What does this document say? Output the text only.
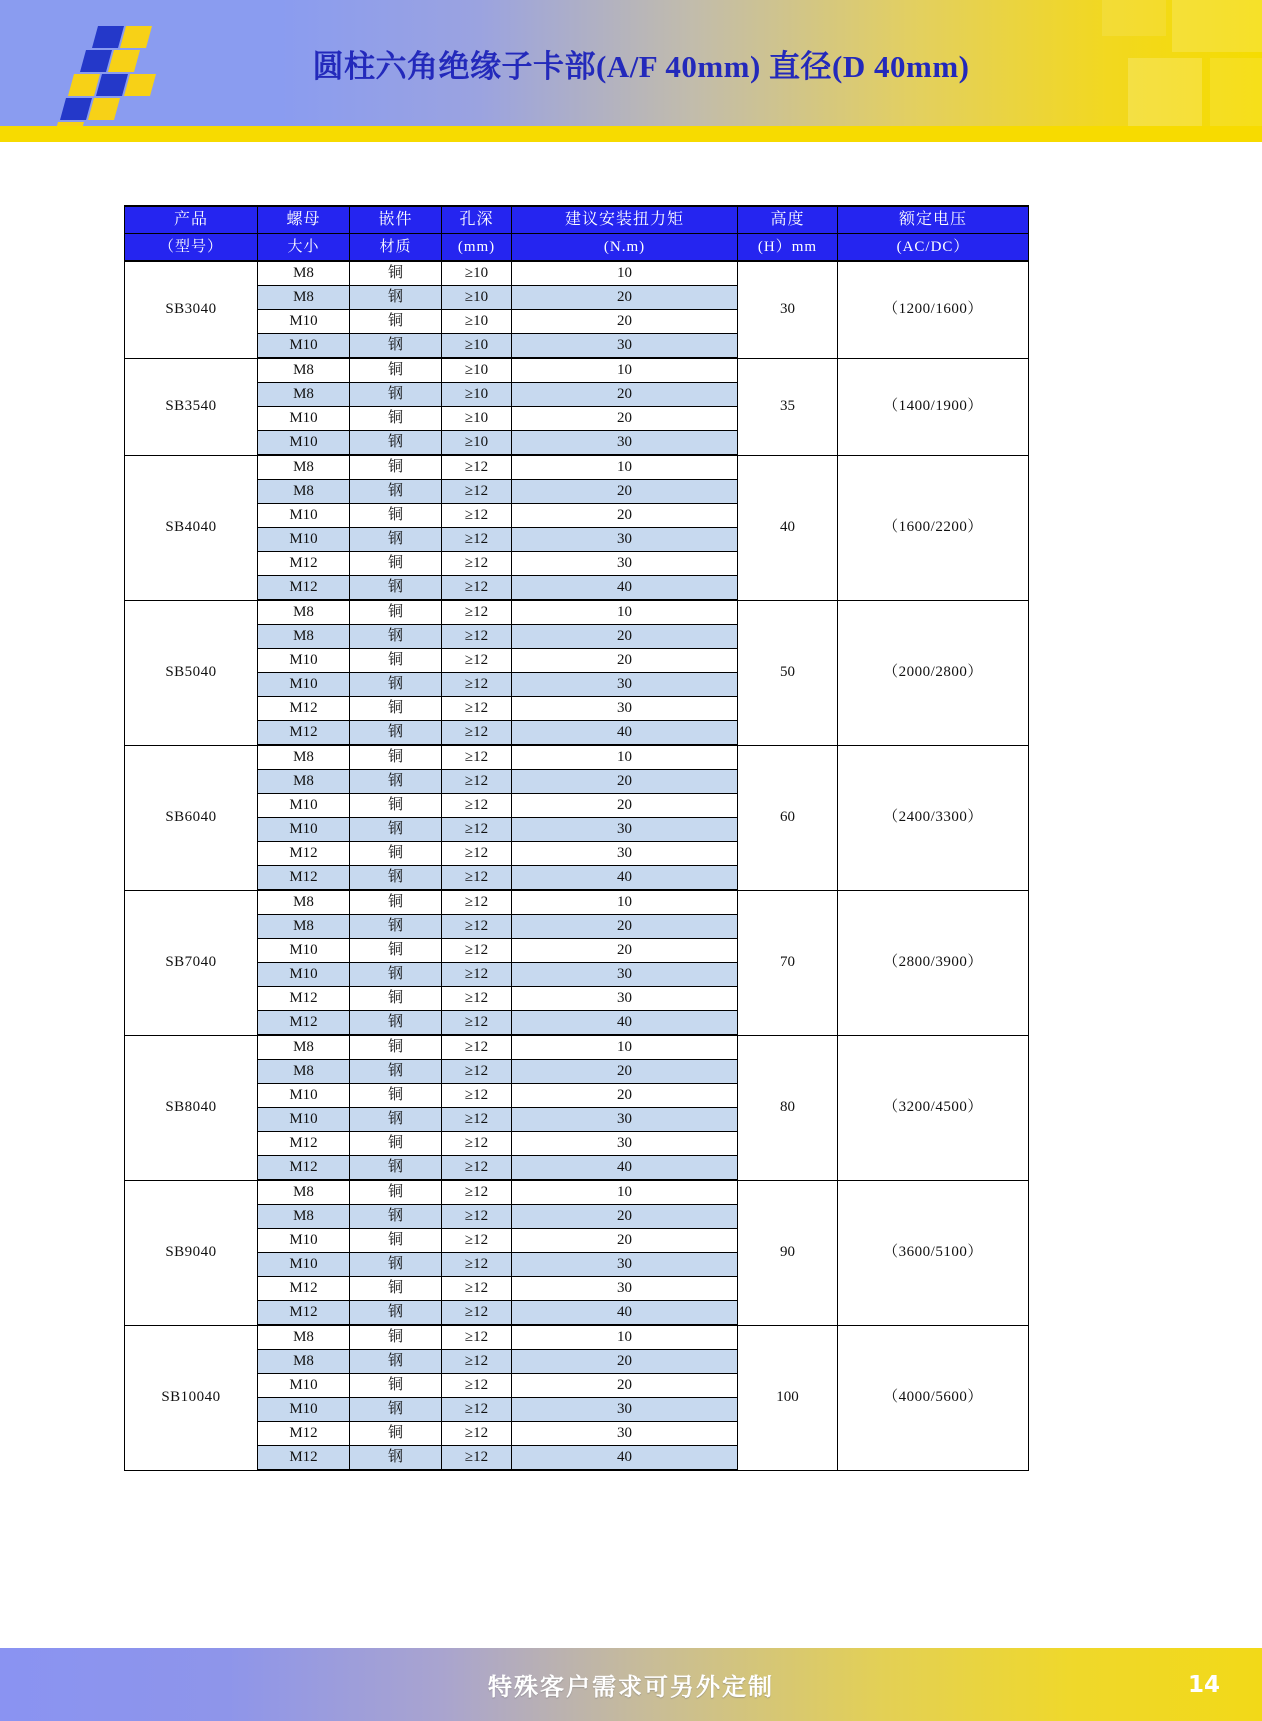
圆柱六角绝缘子卡部(A/F 40mm) 直径(D 40mm)
产品	螺母	嵌件	孔深	建议安装扭力矩	高度	额定电压
（型号）	大小	材质	(mm)	(N.m)	(H）mm	(AC/DC）
SB3040	M8	铜	≥10	10	30	（1200/1600）
	M8	钢	≥10	20		
	M10	铜	≥10	20		
	M10	钢	≥10	30		
SB3540	M8	铜	≥10	10	35	（1400/1900）
	M8	钢	≥10	20		
	M10	铜	≥10	20		
	M10	钢	≥10	30		
SB4040	M8	铜	≥12	10	40	（1600/2200）
	M8	钢	≥12	20		
	M10	铜	≥12	20		
	M10	钢	≥12	30		
	M12	铜	≥12	30		
	M12	钢	≥12	40		
SB5040	M8	铜	≥12	10	50	（2000/2800）
	M8	钢	≥12	20		
	M10	铜	≥12	20		
	M10	钢	≥12	30		
	M12	铜	≥12	30		
	M12	钢	≥12	40		
SB6040	M8	铜	≥12	10	60	（2400/3300）
	M8	钢	≥12	20		
	M10	铜	≥12	20		
	M10	钢	≥12	30		
	M12	铜	≥12	30		
	M12	钢	≥12	40		
SB7040	M8	铜	≥12	10	70	（2800/3900）
	M8	钢	≥12	20		
	M10	铜	≥12	20		
	M10	钢	≥12	30		
	M12	铜	≥12	30		
	M12	钢	≥12	40		
SB8040	M8	铜	≥12	10	80	（3200/4500）
	M8	钢	≥12	20		
	M10	铜	≥12	20		
	M10	钢	≥12	30		
	M12	铜	≥12	30		
	M12	钢	≥12	40		
SB9040	M8	铜	≥12	10	90	（3600/5100）
	M8	钢	≥12	20		
	M10	铜	≥12	20		
	M10	钢	≥12	30		
	M12	铜	≥12	30		
	M12	钢	≥12	40		
SB10040	M8	铜	≥12	10	100	（4000/5600）
	M8	钢	≥12	20		
	M10	铜	≥12	20		
	M10	钢	≥12	30		
	M12	铜	≥12	30		
	M12	钢	≥12	40		
特殊客户需求可另外定制	14
